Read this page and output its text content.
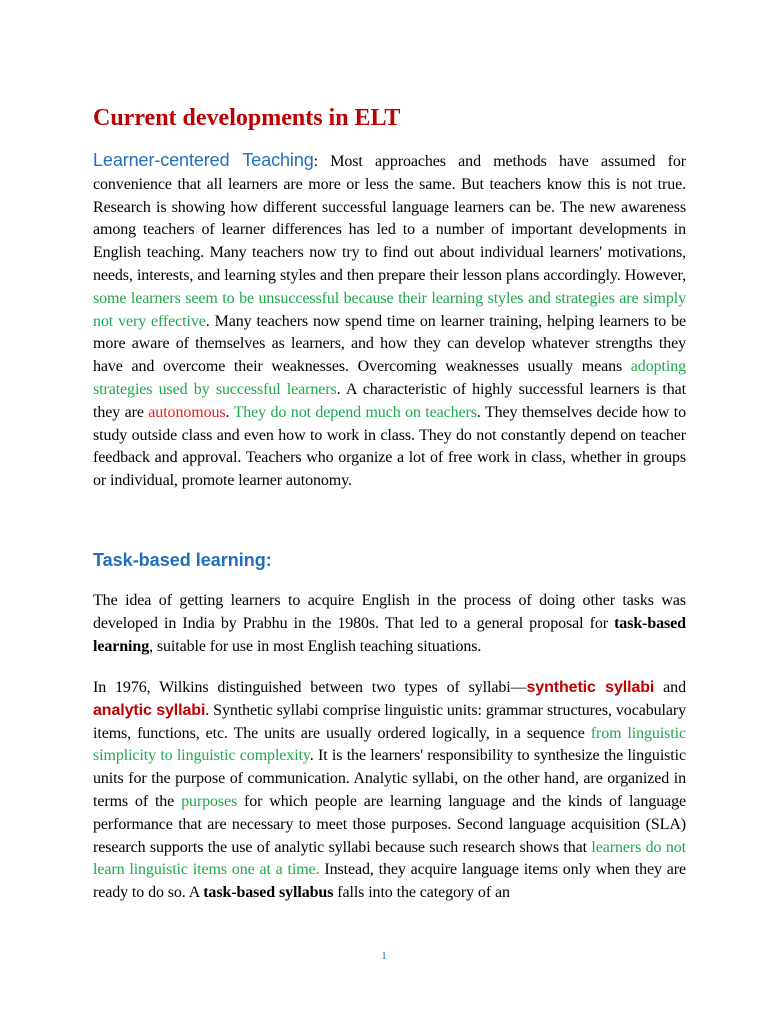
Current developments in ELT

Learner-centered Teaching: Most approaches and methods have assumed for convenience that all learners are more or less the same. But teachers know this is not true. Research is showing how different successful language learners can be. The new awareness among teachers of learner differences has led to a number of important developments in English teaching. Many teachers now try to find out about individual learners' motivations, needs, interests, and learning styles and then prepare their lesson plans accordingly. However, some learners seem to be unsuccessful because their learning styles and strategies are simply not very effective. Many teachers now spend time on learner training, helping learners to be more aware of themselves as learners, and how they can develop whatever strengths they have and overcome their weaknesses. Overcoming weaknesses usually means adopting strategies used by successful learners. A characteristic of highly successful learners is that they are autonomous. They do not depend much on teachers. They themselves decide how to study outside class and even how to work in class. They do not constantly depend on teacher feedback and approval. Teachers who organize a lot of free work in class, whether in groups or individual, promote learner autonomy.

Task-based learning:

The idea of getting learners to acquire English in the process of doing other tasks was developed in India by Prabhu in the 1980s. That led to a general proposal for task-based learning, suitable for use in most English teaching situations.

In 1976, Wilkins distinguished between two types of syllabi—synthetic syllabi and analytic syllabi. Synthetic syllabi comprise linguistic units: grammar structures, vocabulary items, functions, etc. The units are usually ordered logically, in a sequence from linguistic simplicity to linguistic complexity. It is the learners' responsibility to synthesize the linguistic units for the purpose of communication. Analytic syllabi, on the other hand, are organized in terms of the purposes for which people are learning language and the kinds of language performance that are necessary to meet those purposes. Second language acquisition (SLA) research supports the use of analytic syllabi because such research shows that learners do not learn linguistic items one at a time. Instead, they acquire language items only when they are ready to do so. A task-based syllabus falls into the category of an

1
